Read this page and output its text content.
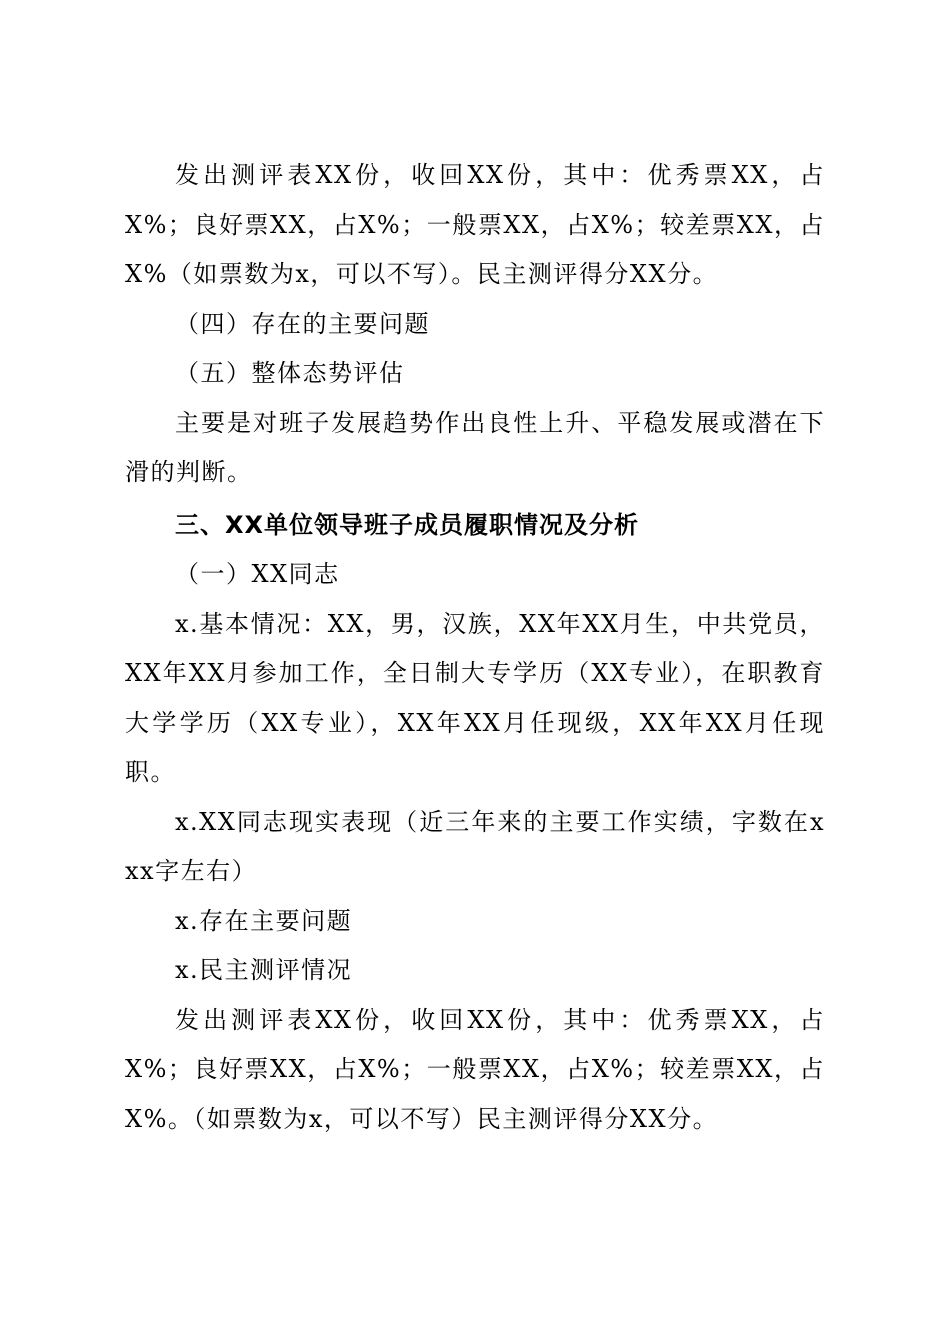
发出测评表XX份，收回XX份，其中：优秀票XX，占X%；良好票XX，占X%；一般票XX，占X%；较差票XX，占X%（如票数为x，可以不写）。民主测评得分XX分。

（四）存在的主要问题

（五）整体态势评估

主要是对班子发展趋势作出良性上升、平稳发展或潜在下滑的判断。

三、XX单位领导班子成员履职情况及分析

（一）XX同志

x.基本情况：XX，男，汉族，XX年XX月生，中共党员，XX年XX月参加工作，全日制大专学历（XX专业），在职教育大学学历（XX专业），XX年XX月任现级，XX年XX月任现职。

x.XX同志现实表现（近三年来的主要工作实绩，字数在xxx字左右）

x.存在主要问题

x.民主测评情况

发出测评表XX份，收回XX份，其中：优秀票XX，占X%；良好票XX，占X%；一般票XX，占X%；较差票XX，占X%。（如票数为x，可以不写）民主测评得分XX分。
